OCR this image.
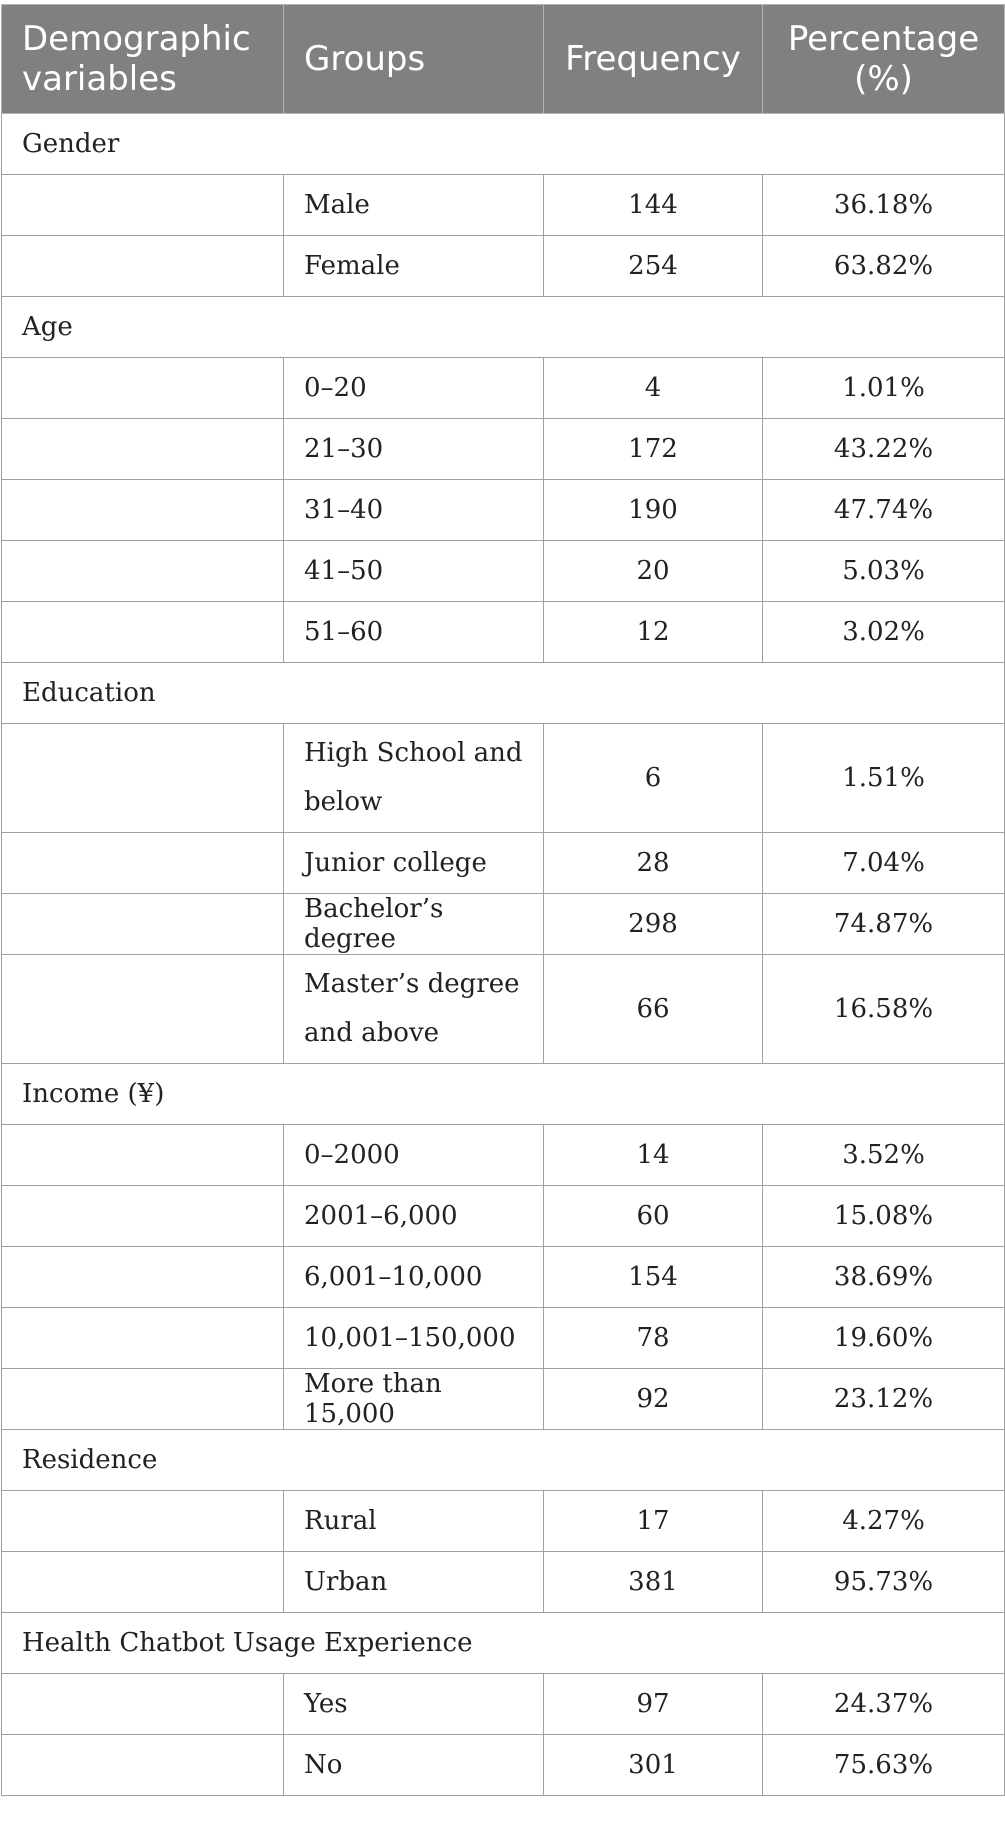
Demographic variables	Groups	Frequency	Percentage (%)
Gender			
	Male	144	36.18%
	Female	254	63.82%
Age			
	0–20	4	1.01%
	21–30	172	43.22%
	31–40	190	47.74%
	41–50	20	5.03%
	51–60	12	3.02%
Education			
	High School and below	6	1.51%
	Junior college	28	7.04%
	Bachelor’s degree	298	74.87%
	Master’s degree and above	66	16.58%
Income (¥)			
	0–2000	14	3.52%
	2001–6,000	60	15.08%
	6,001–10,000	154	38.69%
	10,001–150,000	78	19.60%
	More than 15,000	92	23.12%
Residence			
	Rural	17	4.27%
	Urban	381	95.73%
Health Chatbot Usage Experience			
	Yes	97	24.37%
	No	301	75.63%
